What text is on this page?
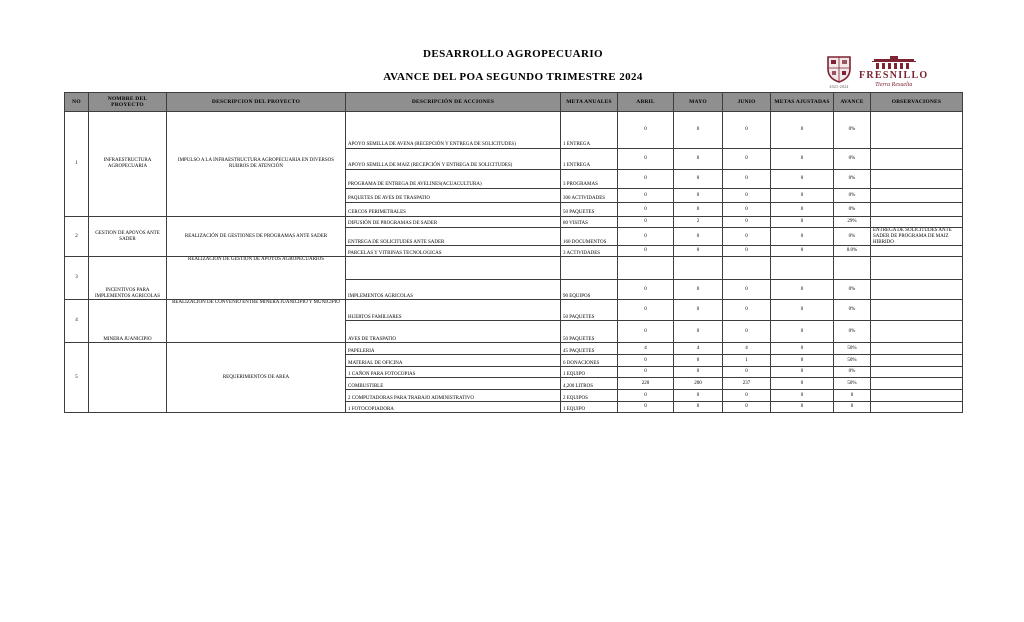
DESARROLLO AGROPECUARIO
AVANCE DEL POA SEGUNDO TRIMESTRE 2024
2021-2024
FRESNILLO
Tierra Resuelta
NO	NOMBRE DEL PROYECTO	DESCRIPCION DEL PROYECTO	DESCRIPCIÓN DE ACCIONES	META ANUALES	ABRIL	MAYO	JUNIO	METAS AJUSTADAS	AVANCE	OBSERVACIONES
1	INFRAESTRUCTURA AGROPECUARIA	IMPULSO A LA INFRAESTRUCTURA AGROPECUARIA EN DIVERSOS RUBROS DE ATENCIÓN	APOYO SEMILLA DE AVENA (RECEPCIÓN Y ENTREGA DE SOLICITUDES)	1 ENTREGA	0	0	0	0	0%	
			APOYO SEMILLA DE MAIZ (RECEPCIÓN Y ENTREGA DE SOLICITUDES)	1 ENTREGA	0	0	0	0	0%	
			PROGRAMA DE ENTREGA DE AVELINES(ACUACULTURA)	3 PROGRAMAS	0	0	0	0	0%	
			PAQUETES DE AVES DE TRASPATIO	300 ACTIVIDADES	0	0	0	0	0%	
			CERCOS PERIMETRALES	50 PAQUETES	0	0	0	0	0%	
2	GESTION DE APOYOS ANTE SADER	REALIZACIÓN DE GESTIONES DE PROGRAMAS ANTE SADER	DIFUSIÓN DE PROGRAMAS DE SADER	80 VISITAS	0	2	0	0	29%	
			ENTREGA DE SOLICITUDES ANTE SADER	160 DOCUMENTOS	0	0	0	0	0%	ENTREGA DE SOLICITUDES ANTE SADER DE PROGRAMA DE MAIZ HIBRIDO
			PARCELAS Y VITRINAS TECNOLOGICAS	3 ACTIVIDADES	0	0	0	0	0.0%	
3	INCENTIVOS PARA IMPLEMENTOS AGRICOLAS	REALIZACIÓN DE GESTION DE APOYOS AGROPECUARIOS								
			IMPLEMENTOS AGRICOLAS	90 EQUIPOS	0	0	0	0	0%	
4	MINERA JUANICIPIO	REALIZACIÓN DE CONVENIO ENTRE MINERA JUANICIPIO Y MUNICIPIO	HUERTOS FAMILIARES	50 PAQUETES	0	0	0	0	0%	
			AVES DE TRASPATIO	50 PAQUETES	0	0	0	0	0%	
5		REQUERIMIENTOS DE AREA	PAPELERIA	45 PAQUETES	4	4	4	0	50%	
			MATERIAL DE OFICINA	6 DONACIONES	0	0	1	0	50%	
			1 CAÑON PARA FOTOCOPIAS	1 EQUIPO	0	0	0	0	0%	
			COMBUSTIBLE	4,200 LITROS	220	200	237	0	50%	
			2 COMPUTADORAS PARA TRABAJO ADMINISTRATIVO	2 EQUIPOS	0	0	0	0	0	
			1 FOTOCOPIADORA	1 EQUIPO	0	0	0	0	0	
